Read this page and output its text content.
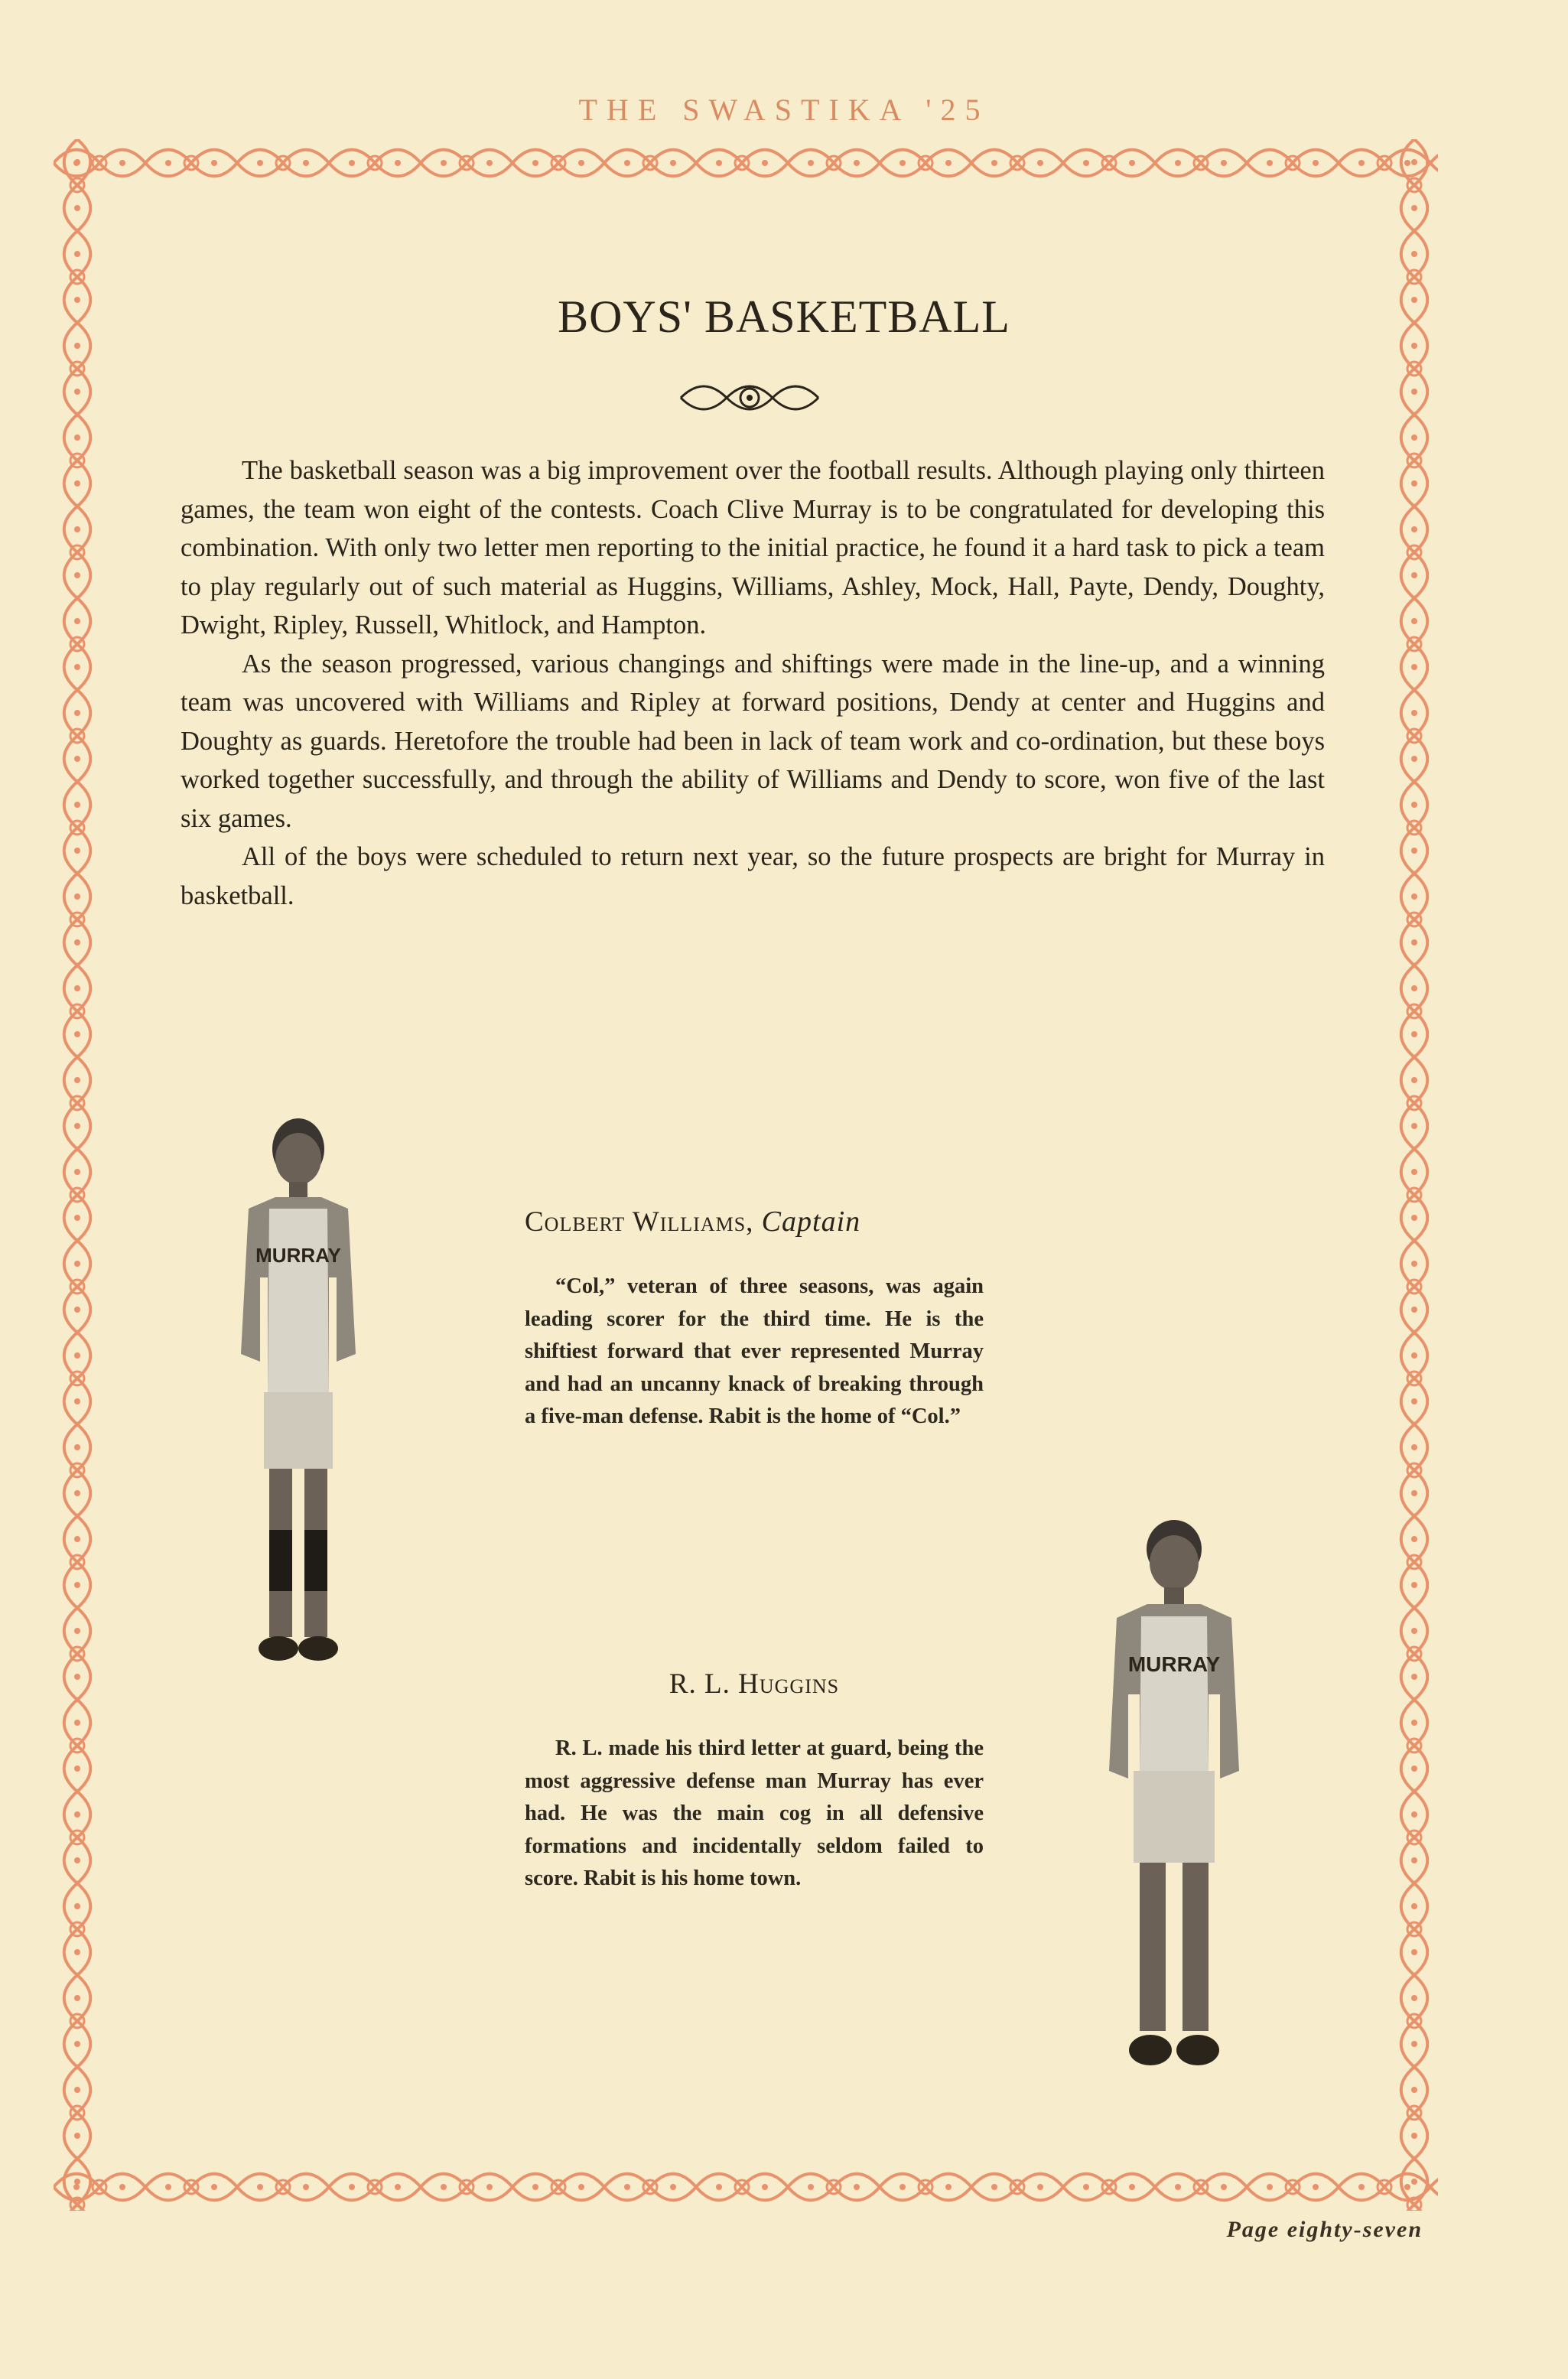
THE SWASTIKA '25
BOYS' BASKETBALL

The basketball season was a big improvement over the football results. Although playing only thirteen games, the team won eight of the contests. Coach Clive Murray is to be congratulated for developing this combination. With only two letter men reporting to the initial practice, he found it a hard task to pick a team to play regularly out of such material as Huggins, Williams, Ashley, Mock, Hall, Payte, Dendy, Doughty, Dwight, Ripley, Russell, Whitlock, and Hampton.

As the season progressed, various changings and shiftings were made in the line-up, and a winning team was uncovered with Williams and Ripley at forward positions, Dendy at center and Huggins and Doughty as guards. Heretofore the trouble had been in lack of team work and co-ordination, but these boys worked together successfully, and through the ability of Williams and Dendy to score, won five of the last six games.

All of the boys were scheduled to return next year, so the future prospects are bright for Murray in basketball.

MURRAY
Colbert Williams, Captain
“Col,” veteran of three seasons, was again leading scorer for the third time. He is the shiftiest forward that ever represented Murray and had an uncanny knack of breaking through a five-man defense. Rabit is the home of “Col.”
MURRAY
R. L. Huggins
R. L. made his third letter at guard, being the most aggressive defense man Murray has ever had. He was the main cog in all defensive formations and incidentally seldom failed to score. Rabit is his home town.
Page eighty-seven
